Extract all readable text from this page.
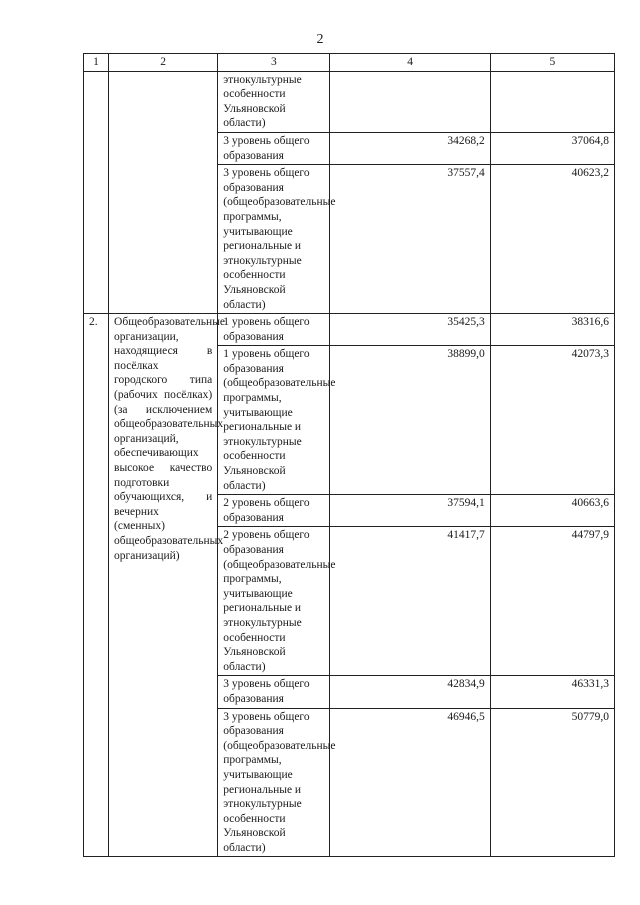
2
1	2	3	4	5
		этнокультурные особенности Ульяновской области)		
		3 уровень общего образования	34268,2	37064,8
		3 уровень общего образования (общеобразовательные программы, учитывающие региональные и этнокультурные особенности Ульяновской области)	37557,4	40623,2
2.	Общеобразовательные организации, находящиеся в посёлках городского типа (рабочих посёлках) (за исключением общеобразовательных организаций, обеспечивающих высокое качество подготовки обучающихся, и вечерних (сменных) общеобразовательных организаций)	1 уровень общего образования	35425,3	38316,6
		1 уровень общего образования (общеобразовательные программы, учитывающие региональные и этнокультурные особенности Ульяновской области)	38899,0	42073,3
		2 уровень общего образования	37594,1	40663,6
		2 уровень общего образования (общеобразовательные программы, учитывающие региональные и этнокультурные особенности Ульяновской области)	41417,7	44797,9
		3 уровень общего образования	42834,9	46331,3
		3 уровень общего образования (общеобразовательные программы, учитывающие региональные и этнокультурные особенности Ульяновской области)	46946,5	50779,0
